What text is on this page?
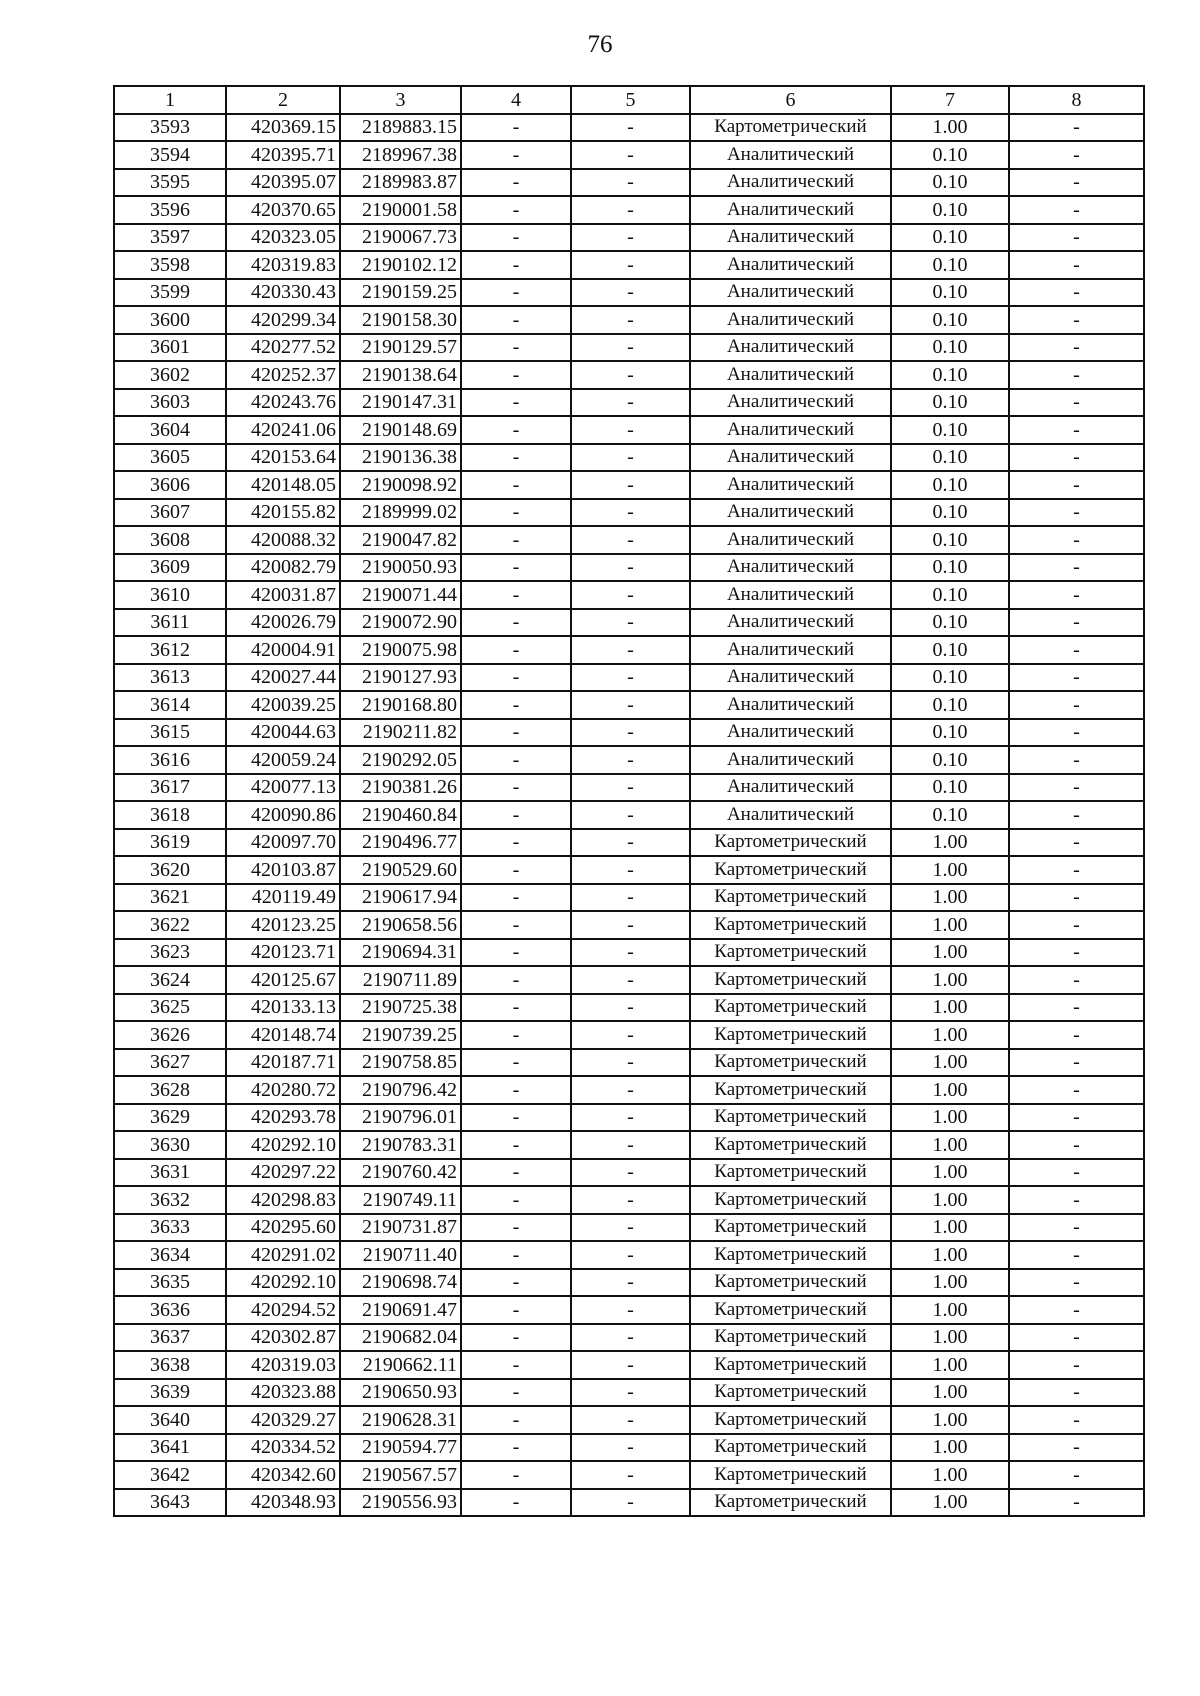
76
1	2	3	4	5	6	7	8
3593	420369.15	2189883.15	-	-	Картометрический	1.00	-
3594	420395.71	2189967.38	-	-	Аналитический	0.10	-
3595	420395.07	2189983.87	-	-	Аналитический	0.10	-
3596	420370.65	2190001.58	-	-	Аналитический	0.10	-
3597	420323.05	2190067.73	-	-	Аналитический	0.10	-
3598	420319.83	2190102.12	-	-	Аналитический	0.10	-
3599	420330.43	2190159.25	-	-	Аналитический	0.10	-
3600	420299.34	2190158.30	-	-	Аналитический	0.10	-
3601	420277.52	2190129.57	-	-	Аналитический	0.10	-
3602	420252.37	2190138.64	-	-	Аналитический	0.10	-
3603	420243.76	2190147.31	-	-	Аналитический	0.10	-
3604	420241.06	2190148.69	-	-	Аналитический	0.10	-
3605	420153.64	2190136.38	-	-	Аналитический	0.10	-
3606	420148.05	2190098.92	-	-	Аналитический	0.10	-
3607	420155.82	2189999.02	-	-	Аналитический	0.10	-
3608	420088.32	2190047.82	-	-	Аналитический	0.10	-
3609	420082.79	2190050.93	-	-	Аналитический	0.10	-
3610	420031.87	2190071.44	-	-	Аналитический	0.10	-
3611	420026.79	2190072.90	-	-	Аналитический	0.10	-
3612	420004.91	2190075.98	-	-	Аналитический	0.10	-
3613	420027.44	2190127.93	-	-	Аналитический	0.10	-
3614	420039.25	2190168.80	-	-	Аналитический	0.10	-
3615	420044.63	2190211.82	-	-	Аналитический	0.10	-
3616	420059.24	2190292.05	-	-	Аналитический	0.10	-
3617	420077.13	2190381.26	-	-	Аналитический	0.10	-
3618	420090.86	2190460.84	-	-	Аналитический	0.10	-
3619	420097.70	2190496.77	-	-	Картометрический	1.00	-
3620	420103.87	2190529.60	-	-	Картометрический	1.00	-
3621	420119.49	2190617.94	-	-	Картометрический	1.00	-
3622	420123.25	2190658.56	-	-	Картометрический	1.00	-
3623	420123.71	2190694.31	-	-	Картометрический	1.00	-
3624	420125.67	2190711.89	-	-	Картометрический	1.00	-
3625	420133.13	2190725.38	-	-	Картометрический	1.00	-
3626	420148.74	2190739.25	-	-	Картометрический	1.00	-
3627	420187.71	2190758.85	-	-	Картометрический	1.00	-
3628	420280.72	2190796.42	-	-	Картометрический	1.00	-
3629	420293.78	2190796.01	-	-	Картометрический	1.00	-
3630	420292.10	2190783.31	-	-	Картометрический	1.00	-
3631	420297.22	2190760.42	-	-	Картометрический	1.00	-
3632	420298.83	2190749.11	-	-	Картометрический	1.00	-
3633	420295.60	2190731.87	-	-	Картометрический	1.00	-
3634	420291.02	2190711.40	-	-	Картометрический	1.00	-
3635	420292.10	2190698.74	-	-	Картометрический	1.00	-
3636	420294.52	2190691.47	-	-	Картометрический	1.00	-
3637	420302.87	2190682.04	-	-	Картометрический	1.00	-
3638	420319.03	2190662.11	-	-	Картометрический	1.00	-
3639	420323.88	2190650.93	-	-	Картометрический	1.00	-
3640	420329.27	2190628.31	-	-	Картометрический	1.00	-
3641	420334.52	2190594.77	-	-	Картометрический	1.00	-
3642	420342.60	2190567.57	-	-	Картометрический	1.00	-
3643	420348.93	2190556.93	-	-	Картометрический	1.00	-
